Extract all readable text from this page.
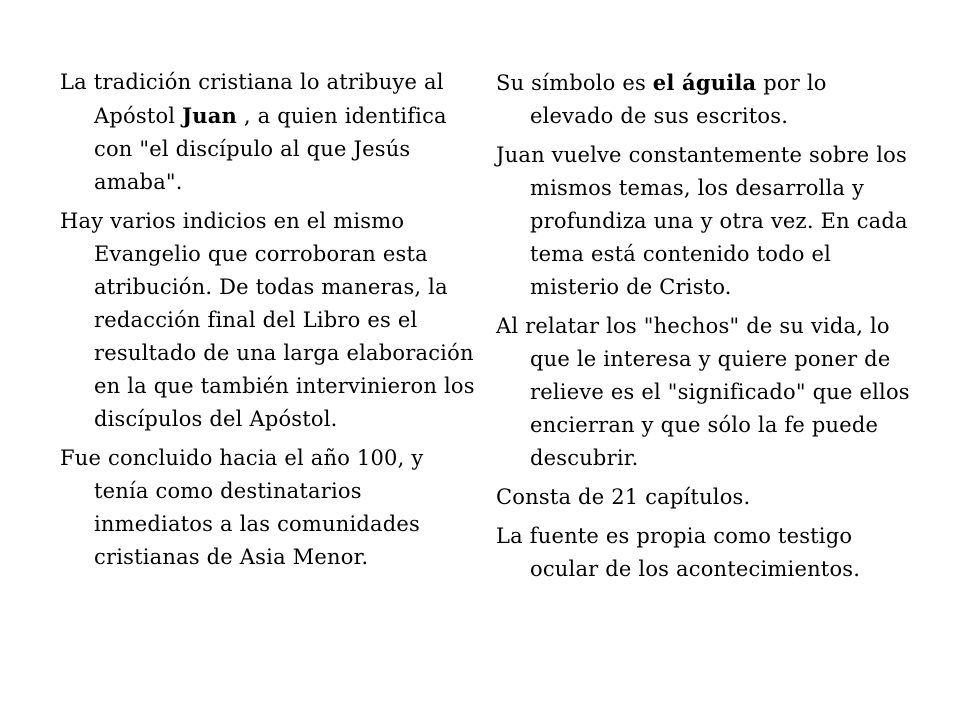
La tradición cristiana lo atribuye al Apóstol Juan , a quien identifica con "el discípulo al que Jesús amaba".

Hay varios indicios en el mismo Evangelio que corroboran esta atribución. De todas maneras, la redacción final del Libro es el resultado de una larga elaboración en la que también intervinieron los discípulos del Apóstol.

Fue concluido hacia el año 100, y tenía como destinatarios inmediatos a las comunidades cristianas de Asia Menor.

Su símbolo es el águila por lo elevado de sus escritos.

Juan vuelve constantemente sobre los mismos temas, los desarrolla y profundiza una y otra vez. En cada tema está contenido todo el misterio de Cristo.

Al relatar los "hechos" de su vida, lo que le interesa y quiere poner de relieve es el "significado" que ellos encierran y que sólo la fe puede descubrir.

Consta de 21 capítulos.

La fuente es propia como testigo ocular de los acontecimientos.
